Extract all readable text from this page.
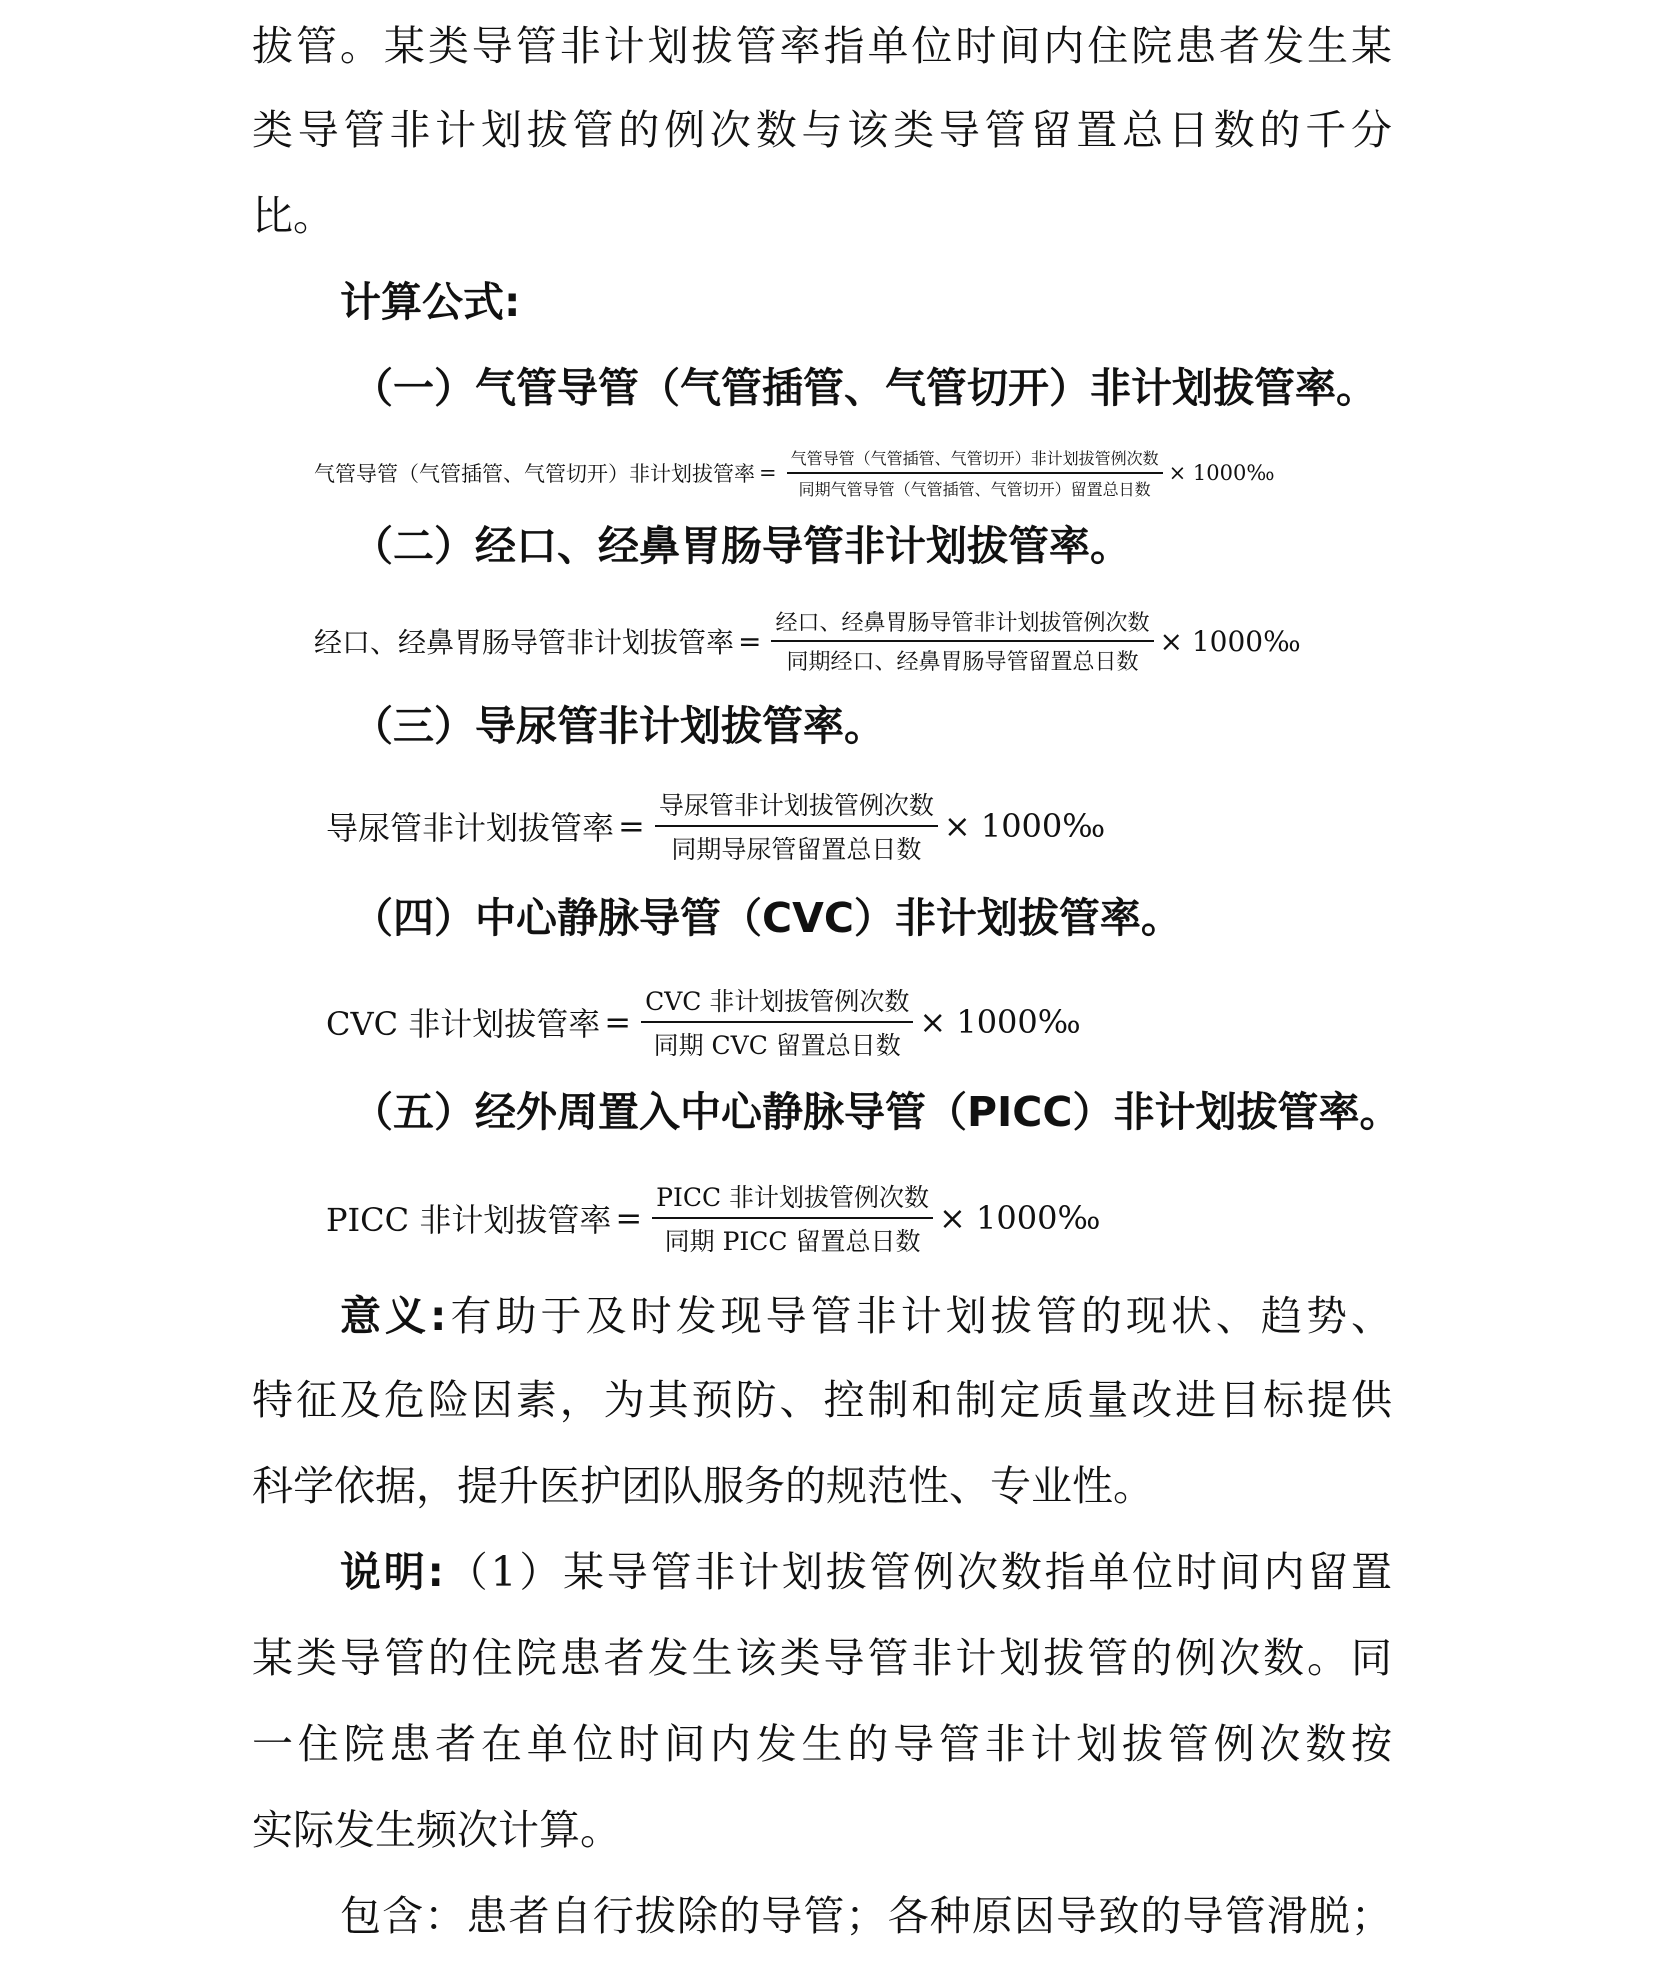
拔管。某类导管非计划拔管率指单位时间内住院患者发生某
类导管非计划拔管的例次数与该类导管留置总日数的千分
比。
计算公式:
（一）气管导管（气管插管、气管切开）非计划拔管率。
气管导管（气管插管、气管切开）非计划拔管率 = $\frac{\text{气管导管（气管插管、气管切开）非计划拔管例次数}}{\text{同期气管导管（气管插管、气管切开）留置总日数}}$ × 1000‰
（二）经口、经鼻胃肠导管非计划拔管率。
经口、经鼻胃肠导管非计划拔管率 = $\frac{\text{经口、经鼻胃肠导管非计划拔管例次数}}{\text{同期经口、经鼻胃肠导管留置总日数}}$ × 1000‰
（三）导尿管非计划拔管率。
导尿管非计划拔管率 = $\frac{\text{导尿管非计划拔管例次数}}{\text{同期导尿管留置总日数}}$ × 1000‰
（四）中心静脉导管（CVC）非计划拔管率。
CVC 非计划拔管率 = $\frac{\text{CVC 非计划拔管例次数}}{\text{同期 CVC 留置总日数}}$ × 1000‰
（五）经外周置入中心静脉导管（PICC）非计划拔管率。
PICC 非计划拔管率 = $\frac{\text{PICC 非计划拔管例次数}}{\text{同期 PICC 留置总日数}}$ × 1000‰
意义:有助于及时发现导管非计划拔管的现状、趋势、
特征及危险因素，为其预防、控制和制定质量改进目标提供
科学依据，提升医护团队服务的规范性、专业性。
说明:（1）某导管非计划拔管例次数指单位时间内留置
某类导管的住院患者发生该类导管非计划拔管的例次数。同
一住院患者在单位时间内发生的导管非计划拔管例次数按
实际发生频次计算。
包含：患者自行拔除的导管；各种原因导致的导管滑脱；
